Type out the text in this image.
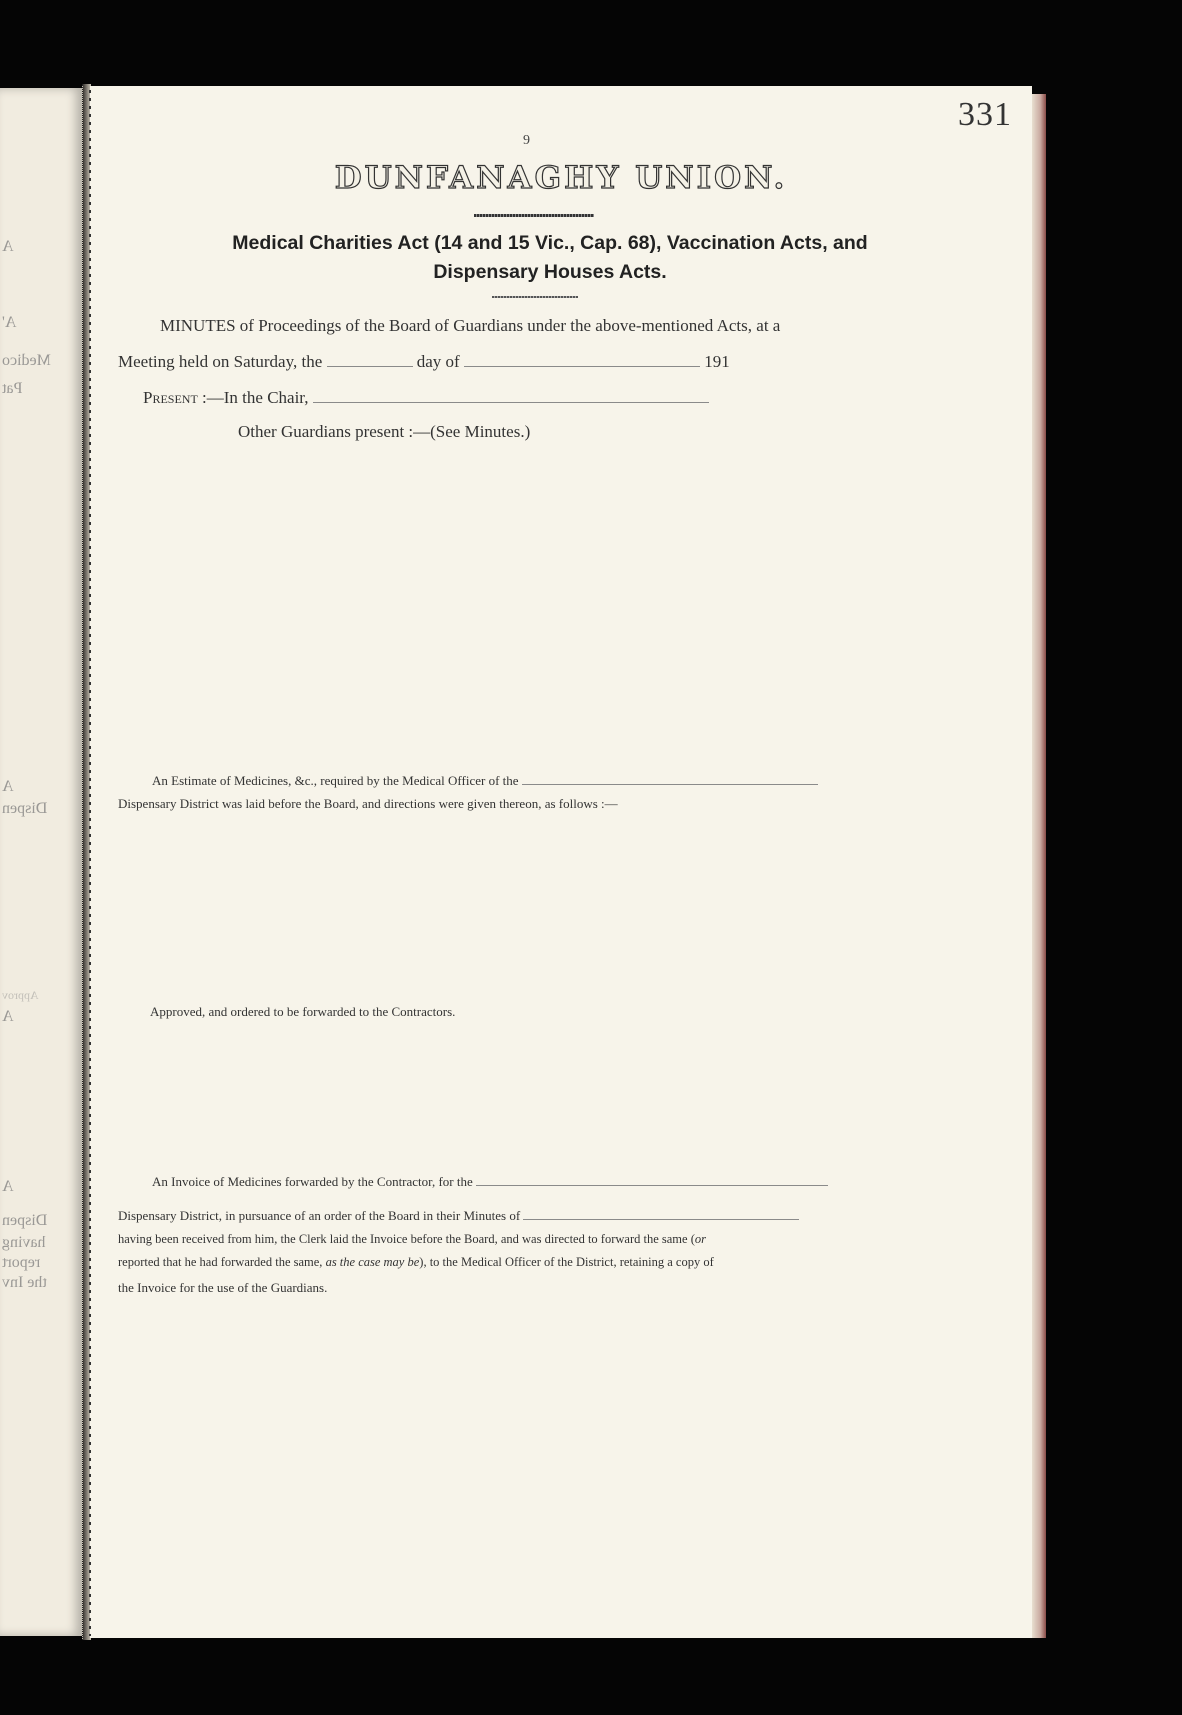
A
A'
Medico
Pat
A
Dispen
A
Approv
A
Dispen
having
report
the Inv
331
9
DUNFANAGHY UNION.
Medical Charities Act (14 and 15 Vic., Cap. 68), Vaccination Acts, and
Dispensary Houses Acts.
MINUTES of Proceedings of the Board of Guardians under the above-mentioned Acts, at a
Meeting held on Saturday, the	day of	191
Present :—In the Chair,
Other Guardians present :—(See Minutes.)
An Estimate of Medicines, &c., required by the Medical Officer of the
Dispensary District was laid before the Board, and directions were given thereon, as follows :—
Approved, and ordered to be forwarded to the Contractors.
An Invoice of Medicines forwarded by the Contractor, for the
Dispensary District, in pursuance of an order of the Board in their Minutes of
having been received from him, the Clerk laid the Invoice before the Board, and was directed to forward the same (or
reported that he had forwarded the same, as the case may be), to the Medical Officer of the District, retaining a copy of
the Invoice for the use of the Guardians.
